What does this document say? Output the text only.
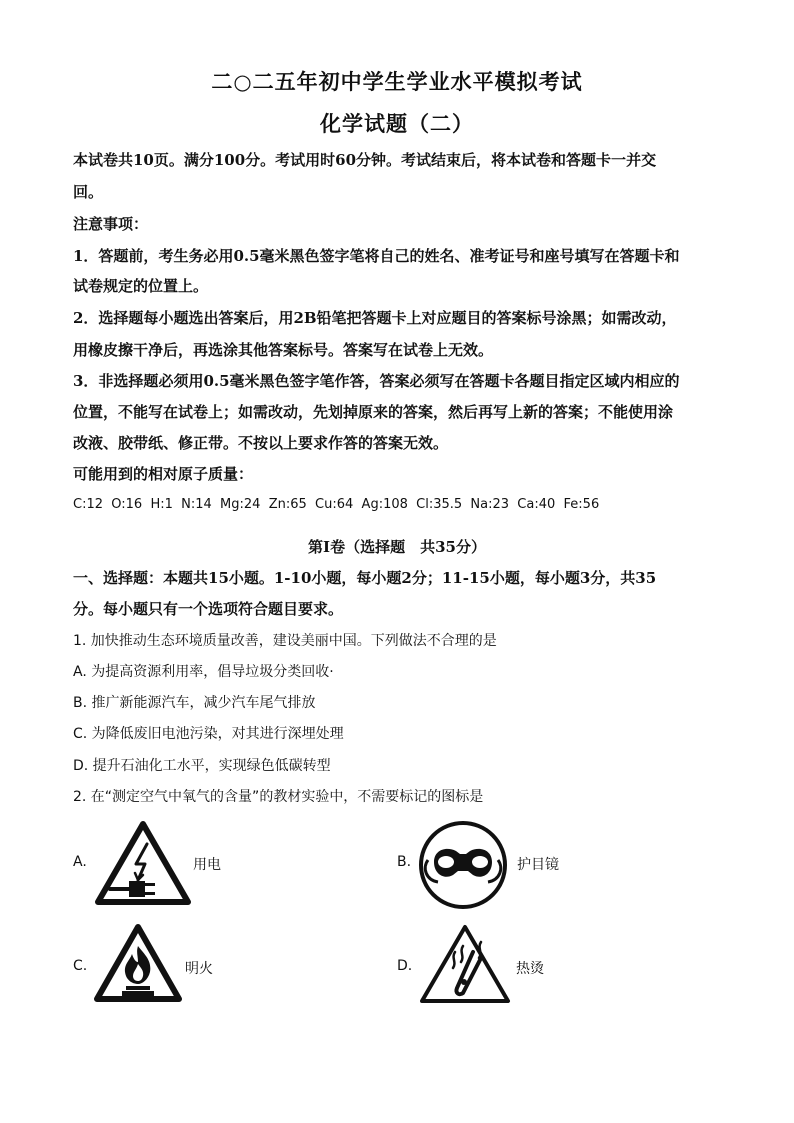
二○二五年初中学生学业水平模拟考试
化学试题（二）
本试卷共10页。满分100分。考试用时60分钟。考试结束后，将本试卷和答题卡一并交
回。
注意事项：
1．答题前，考生务必用0.5毫米黑色签字笔将自己的姓名、准考证号和座号填写在答题卡和
试卷规定的位置上。
2．选择题每小题选出答案后，用2B铅笔把答题卡上对应题目的答案标号涂黑；如需改动，
用橡皮擦干净后，再选涂其他答案标号。答案写在试卷上无效。
3．非选择题必须用0.5毫米黑色签字笔作答，答案必须写在答题卡各题目指定区域内相应的
位置，不能写在试卷上；如需改动，先划掉原来的答案，然后再写上新的答案；不能使用涂
改液、胶带纸、修正带。不按以上要求作答的答案无效。
可能用到的相对原子质量：
C:12  O:16  H:1  N:14  Mg:24  Zn:65  Cu:64  Ag:108  Cl:35.5  Na:23  Ca:40  Fe:56
第Ⅰ卷（选择题　共35分）
一、选择题：本题共15小题。1-10小题，每小题2分；11-15小题，每小题3分，共35
分。每小题只有一个选项符合题目要求。
1. 加快推动生态环境质量改善，建设美丽中国。下列做法不合理的是
A. 为提高资源利用率，倡导垃圾分类回收·
B. 推广新能源汽车，减少汽车尾气排放
C. 为降低废旧电池污染，对其进行深埋处理
D. 提升石油化工水平，实现绿色低碳转型
2. 在“测定空气中氧气的含量”的教材实验中，不需要标记的图标是
A.	用电	B.	护目镜
C.	明火	D.	热烫
